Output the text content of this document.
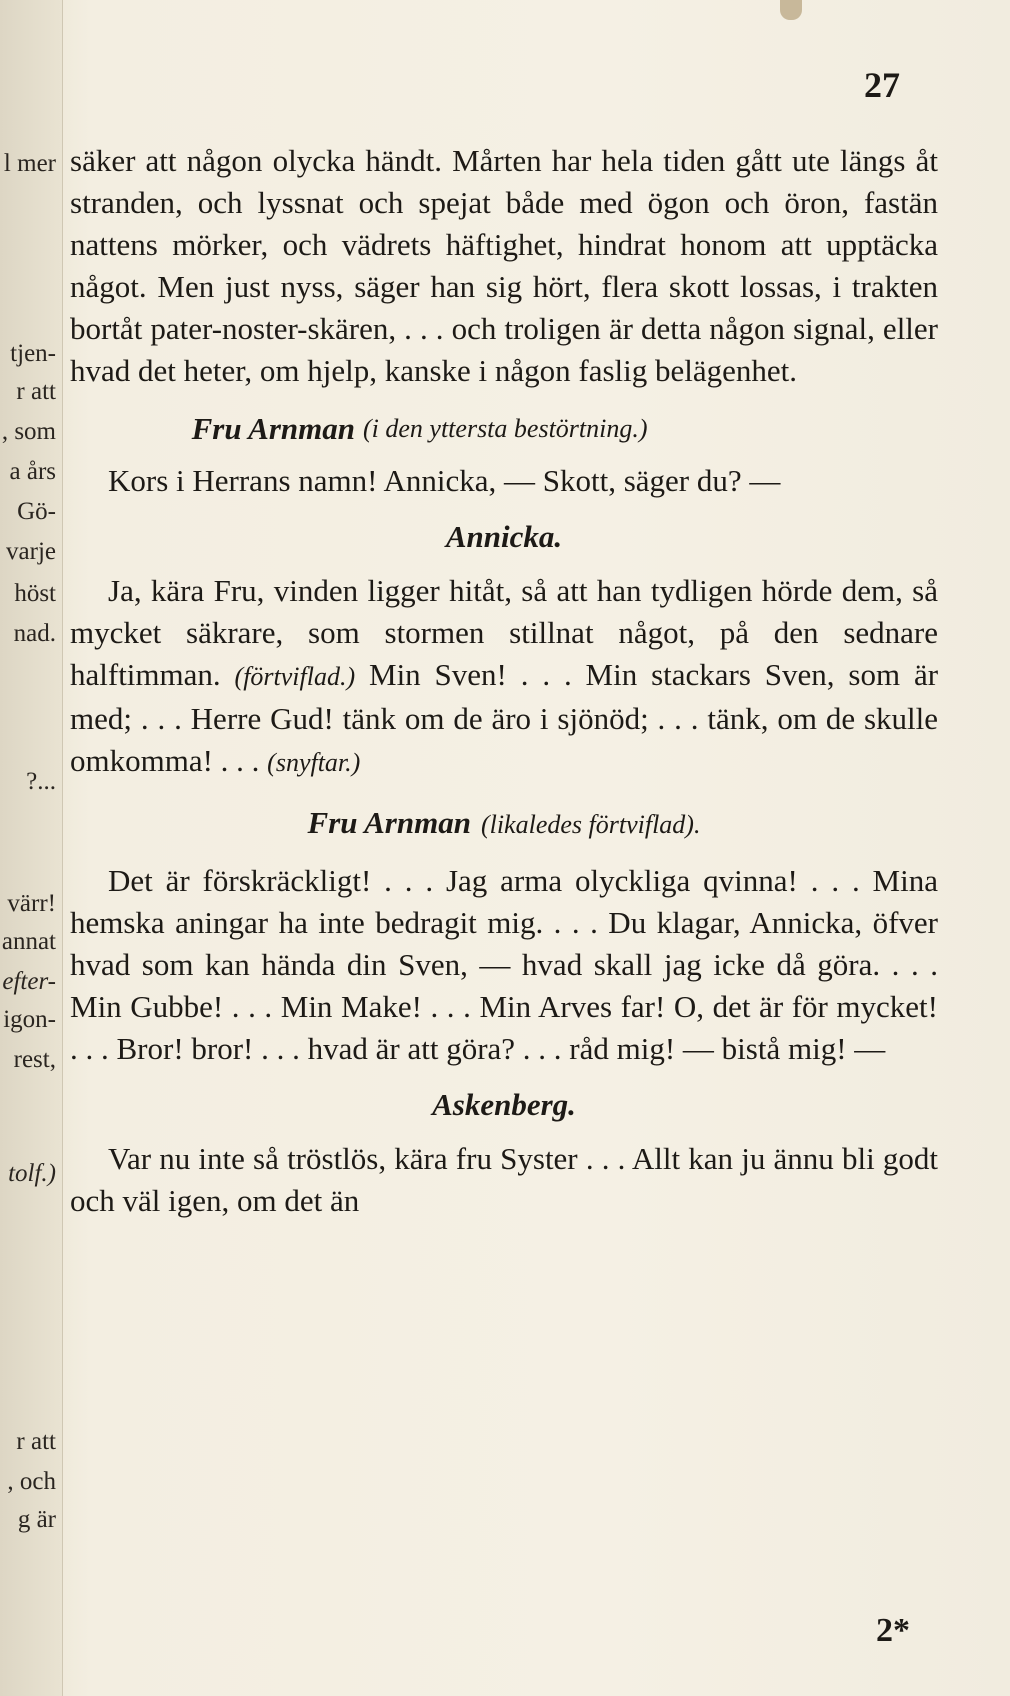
l mer
tjen-
r att
, som
a års
Gö-
varje
höst
nad.
?...
värr!
annat
efter-
igon-
rest,
tolf.)
r att
, och
g är
27

säker att någon olycka händt. Mårten har hela tiden gått ute längs åt stranden, och lyssnat och spejat både med ögon och öron, fastän nattens mörker, och vädrets häftighet, hindrat honom att upptäcka något. Men just nyss, säger han sig hört, flera skott lossas, i trakten bortåt pater-noster-skären, . . . och troligen är detta någon signal, eller hvad det heter, om hjelp, kanske i någon faslig belägenhet.

Fru Arnman (i den yttersta bestörtning.)

Kors i Herrans namn! Annicka, — Skott, säger du? —

Annicka.

Ja, kära Fru, vinden ligger hitåt, så att han tydligen hörde dem, så mycket säkrare, som stormen stillnat något, på den sednare halftimman. (förtviflad.) Min Sven! . . . Min stackars Sven, som är med; . . . Herre Gud! tänk om de äro i sjönöd; . . . tänk, om de skulle omkomma! . . . (snyftar.)

Fru Arnman (likaledes förtviflad).

Det är förskräckligt! . . . Jag arma olyckliga qvinna! . . . Mina hemska aningar ha inte bedragit mig. . . . Du klagar, Annicka, öfver hvad som kan hända din Sven, — hvad skall jag icke då göra. . . . Min Gubbe! . . . Min Make! . . . Min Arves far! O, det är för mycket! . . . Bror! bror! . . . hvad är att göra? . . . råd mig! — bistå mig! —

Askenberg.

Var nu inte så tröstlös, kära fru Syster . . . Allt kan ju ännu bli godt och väl igen, om det än

2*
